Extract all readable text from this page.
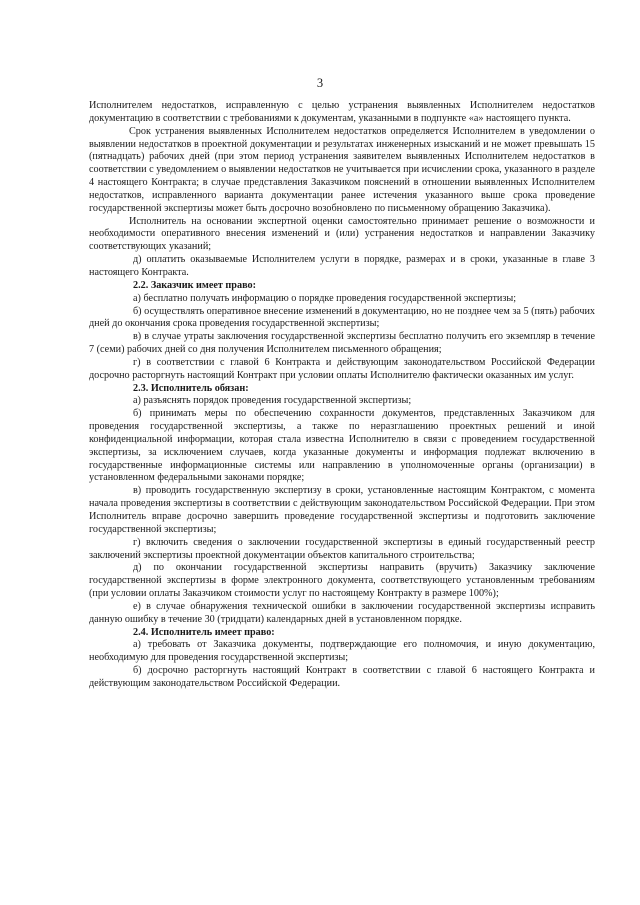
3

Исполнителем недостатков, исправленную с целью устранения выявленных Исполнителем недостатков документацию в соответствии с требованиями к документам, указанными в подпункте «а» настоящего пункта.

Срок устранения выявленных Исполнителем недостатков определяется Исполнителем в уведомлении о выявлении недостатков в проектной документации и результатах инженерных изысканий и не может превышать 15 (пятнадцать) рабочих дней (при этом период устранения заявителем выявленных Исполнителем недостатков в соответствии с уведомлением о выявлении недостатков не учитывается при исчислении срока, указанного в разделе 4 настоящего Контракта; в случае представления Заказчиком пояснений в отношении выявленных Исполнителем недостатков, исправленного варианта документации ранее истечения указанного выше срока проведение государственной экспертизы может быть досрочно возобновлено по письменному обращению Заказчика).

Исполнитель на основании экспертной оценки самостоятельно принимает решение о возможности и необходимости оперативного внесения изменений и (или) устранения недостатков и направлении Заказчику соответствующих указаний;

д) оплатить оказываемые Исполнителем услуги в порядке, размерах и в сроки, указанные в главе 3 настоящего Контракта.

2.2. Заказчик имеет право:

а) бесплатно получать информацию о порядке проведения государственной экспертизы;

б) осуществлять оперативное внесение изменений в документацию, но не позднее чем за 5 (пять) рабочих дней до окончания срока проведения государственной экспертизы;

в) в случае утраты заключения государственной экспертизы бесплатно получить его экземпляр в течение 7 (семи) рабочих дней со дня получения Исполнителем письменного обращения;

г) в соответствии с главой 6 Контракта и действующим законодательством Российской Федерации досрочно расторгнуть настоящий Контракт при условии оплаты Исполнителю фактически оказанных им услуг.

2.3. Исполнитель обязан:

а) разъяснять порядок проведения государственной экспертизы;

б) принимать меры по обеспечению сохранности документов, представленных Заказчиком для проведения государственной экспертизы, а также по неразглашению проектных решений и иной конфиденциальной информации, которая стала известна Исполнителю в связи с проведением государственной экспертизы, за исключением случаев, когда указанные документы и информация подлежат включению в государственные информационные системы или направлению в уполномоченные органы (организации) в установленном федеральными законами порядке;

в) проводить государственную экспертизу в сроки, установленные настоящим Контрактом, с момента начала проведения экспертизы в соответствии с действующим законодательством Российской Федерации. При этом Исполнитель вправе досрочно завершить проведение государственной экспертизы и подготовить заключение государственной экспертизы;

г) включить сведения о заключении государственной экспертизы в единый государственный реестр заключений экспертизы проектной документации объектов капитального строительства;

д) по окончании государственной экспертизы направить (вручить) Заказчику заключение государственной экспертизы в форме электронного документа, соответствующего установленным требованиям (при условии оплаты Заказчиком стоимости услуг по настоящему Контракту в размере 100%);

е) в случае обнаружения технической ошибки в заключении государственной экспертизы исправить данную ошибку в течение 30 (тридцати) календарных дней в установленном порядке.

2.4. Исполнитель имеет право:

а) требовать от Заказчика документы, подтверждающие его полномочия, и иную документацию, необходимую для проведения государственной экспертизы;

б) досрочно расторгнуть настоящий Контракт в соответствии с главой 6 настоящего Контракта и действующим законодательством Российской Федерации.
